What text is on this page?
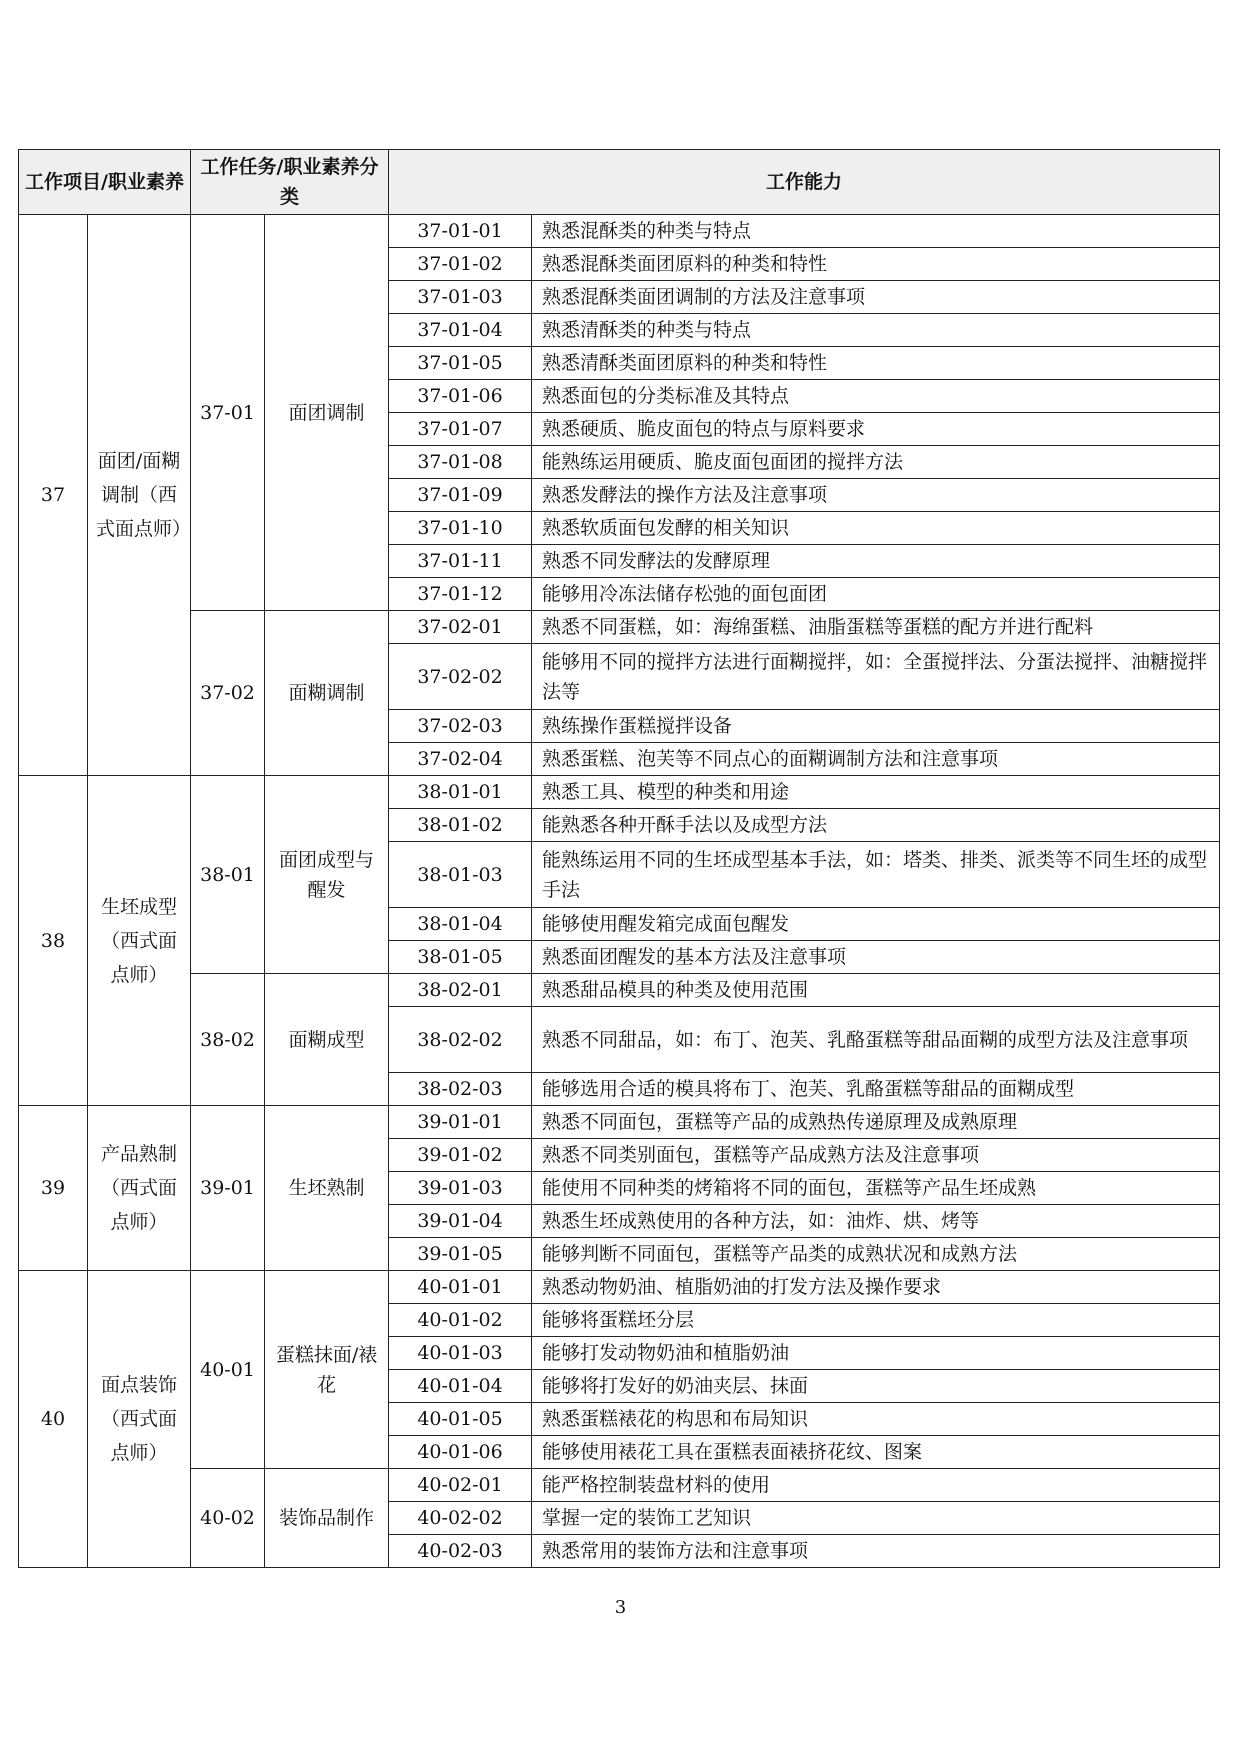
工作项目/职业素养		工作任务/职业素养分类		工作能力	
37	面团/面糊调制（西式面点师）	37-01	面团调制	37-01-01	熟悉混酥类的种类与特点
				37-01-02	熟悉混酥类面团原料的种类和特性
				37-01-03	熟悉混酥类面团调制的方法及注意事项
				37-01-04	熟悉清酥类的种类与特点
				37-01-05	熟悉清酥类面团原料的种类和特性
				37-01-06	熟悉面包的分类标准及其特点
				37-01-07	熟悉硬质、脆皮面包的特点与原料要求
				37-01-08	能熟练运用硬质、脆皮面包面团的搅拌方法
				37-01-09	熟悉发酵法的操作方法及注意事项
				37-01-10	熟悉软质面包发酵的相关知识
				37-01-11	熟悉不同发酵法的发酵原理
				37-01-12	能够用冷冻法储存松弛的面包面团
		37-02	面糊调制	37-02-01	熟悉不同蛋糕，如：海绵蛋糕、油脂蛋糕等蛋糕的配方并进行配料
				37-02-02	能够用不同的搅拌方法进行面糊搅拌，如：全蛋搅拌法、分蛋法搅拌、油糖搅拌法等
				37-02-03	熟练操作蛋糕搅拌设备
				37-02-04	熟悉蛋糕、泡芙等不同点心的面糊调制方法和注意事项
38	生坯成型（西式面点师）	38-01	面团成型与醒发	38-01-01	熟悉工具、模型的种类和用途
				38-01-02	能熟悉各种开酥手法以及成型方法
				38-01-03	能熟练运用不同的生坯成型基本手法，如：塔类、排类、派类等不同生坯的成型手法
				38-01-04	能够使用醒发箱完成面包醒发
				38-01-05	熟悉面团醒发的基本方法及注意事项
		38-02	面糊成型	38-02-01	熟悉甜品模具的种类及使用范围
				38-02-02	熟悉不同甜品，如：布丁、泡芙、乳酪蛋糕等甜品面糊的成型方法及注意事项
				38-02-03	能够选用合适的模具将布丁、泡芙、乳酪蛋糕等甜品的面糊成型
39	产品熟制（西式面点师）	39-01	生坯熟制	39-01-01	熟悉不同面包，蛋糕等产品的成熟热传递原理及成熟原理
				39-01-02	熟悉不同类别面包，蛋糕等产品成熟方法及注意事项
				39-01-03	能使用不同种类的烤箱将不同的面包，蛋糕等产品生坯成熟
				39-01-04	熟悉生坯成熟使用的各种方法，如：油炸、烘、烤等
				39-01-05	能够判断不同面包，蛋糕等产品类的成熟状况和成熟方法
40	面点装饰（西式面点师）	40-01	蛋糕抹面/裱花	40-01-01	熟悉动物奶油、植脂奶油的打发方法及操作要求
				40-01-02	能够将蛋糕坯分层
				40-01-03	能够打发动物奶油和植脂奶油
				40-01-04	能够将打发好的奶油夹层、抹面
				40-01-05	熟悉蛋糕裱花的构思和布局知识
				40-01-06	能够使用裱花工具在蛋糕表面裱挤花纹、图案
		40-02	装饰品制作	40-02-01	能严格控制装盘材料的使用
				40-02-02	掌握一定的装饰工艺知识
				40-02-03	熟悉常用的装饰方法和注意事项
3
